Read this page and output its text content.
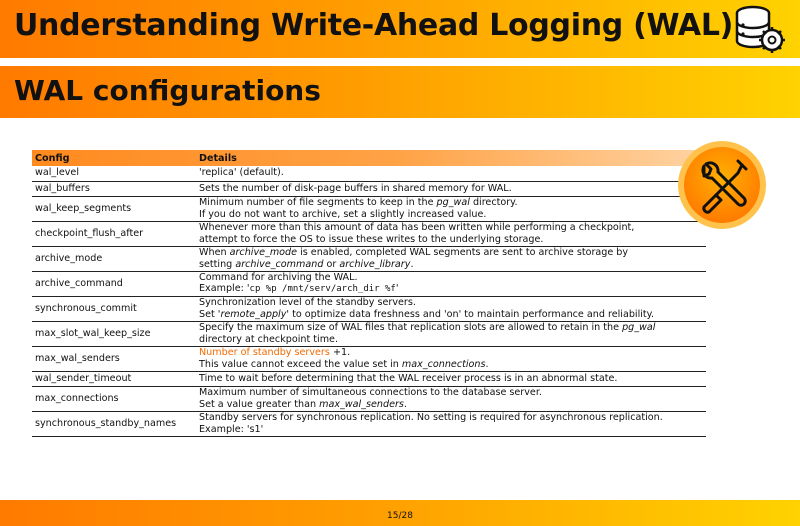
Understanding Write-Ahead Logging (WAL)
WAL configurations
Config	Details
wal_level	'replica' (default).
wal_buffers	Sets the number of disk-page buffers in shared memory for WAL.
wal_keep_segments	Minimum number of file segments to keep in the pg_wal directory.
If you do not want to archive, set a slightly increased value.
checkpoint_flush_after	Whenever more than this amount of data has been written while performing a checkpoint,
attempt to force the OS to issue these writes to the underlying storage.
archive_mode	When archive_mode is enabled, completed WAL segments are sent to archive storage by
setting archive_command or archive_library.
archive_command	Command for archiving the WAL.
Example: 'cp %p /mnt/serv/arch_dir %f'
synchronous_commit	Synchronization level of the standby servers.
Set 'remote_apply' to optimize data freshness and 'on' to maintain performance and reliability.
max_slot_wal_keep_size	Specify the maximum size of WAL files that replication slots are allowed to retain in the pg_wal
directory at checkpoint time.
max_wal_senders	Number of standby servers +1.
This value cannot exceed the value set in max_connections.
wal_sender_timeout	Time to wait before determining that the WAL receiver process is in an abnormal state.
max_connections	Maximum number of simultaneous connections to the database server.
Set a value greater than max_wal_senders.
synchronous_standby_names	Standby servers for synchronous replication. No setting is required for asynchronous replication.
Example: 's1'
15/28
